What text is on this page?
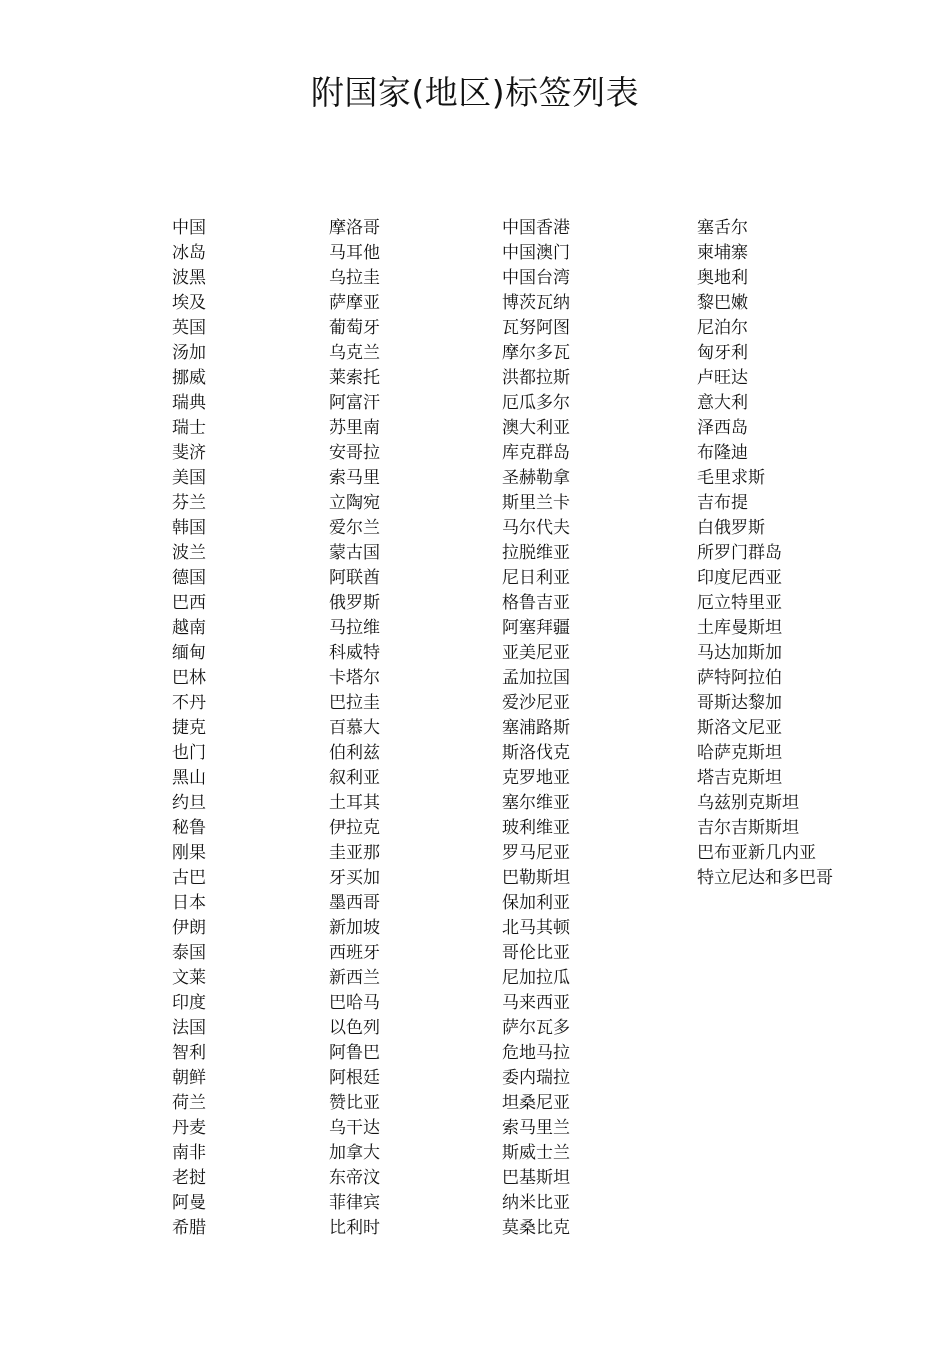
附国家(地区)标签列表
中国
冰岛
波黑
埃及
英国
汤加
挪威
瑞典
瑞士
斐济
美国
芬兰
韩国
波兰
德国
巴西
越南
缅甸
巴林
不丹
捷克
也门
黑山
约旦
秘鲁
刚果
古巴
日本
伊朗
泰国
文莱
印度
法国
智利
朝鲜
荷兰
丹麦
南非
老挝
阿曼
希腊
摩洛哥
马耳他
乌拉圭
萨摩亚
葡萄牙
乌克兰
莱索托
阿富汗
苏里南
安哥拉
索马里
立陶宛
爱尔兰
蒙古国
阿联酋
俄罗斯
马拉维
科威特
卡塔尔
巴拉圭
百慕大
伯利兹
叙利亚
土耳其
伊拉克
圭亚那
牙买加
墨西哥
新加坡
西班牙
新西兰
巴哈马
以色列
阿鲁巴
阿根廷
赞比亚
乌干达
加拿大
东帝汶
菲律宾
比利时
中国香港
中国澳门
中国台湾
博茨瓦纳
瓦努阿图
摩尔多瓦
洪都拉斯
厄瓜多尔
澳大利亚
库克群岛
圣赫勒拿
斯里兰卡
马尔代夫
拉脱维亚
尼日利亚
格鲁吉亚
阿塞拜疆
亚美尼亚
孟加拉国
爱沙尼亚
塞浦路斯
斯洛伐克
克罗地亚
塞尔维亚
玻利维亚
罗马尼亚
巴勒斯坦
保加利亚
北马其顿
哥伦比亚
尼加拉瓜
马来西亚
萨尔瓦多
危地马拉
委内瑞拉
坦桑尼亚
索马里兰
斯威士兰
巴基斯坦
纳米比亚
莫桑比克
塞舌尔
柬埔寨
奥地利
黎巴嫩
尼泊尔
匈牙利
卢旺达
意大利
泽西岛
布隆迪
毛里求斯
吉布提
白俄罗斯
所罗门群岛
印度尼西亚
厄立特里亚
土库曼斯坦
马达加斯加
萨特阿拉伯
哥斯达黎加
斯洛文尼亚
哈萨克斯坦
塔吉克斯坦
乌兹别克斯坦
吉尔吉斯斯坦
巴布亚新几内亚
特立尼达和多巴哥
